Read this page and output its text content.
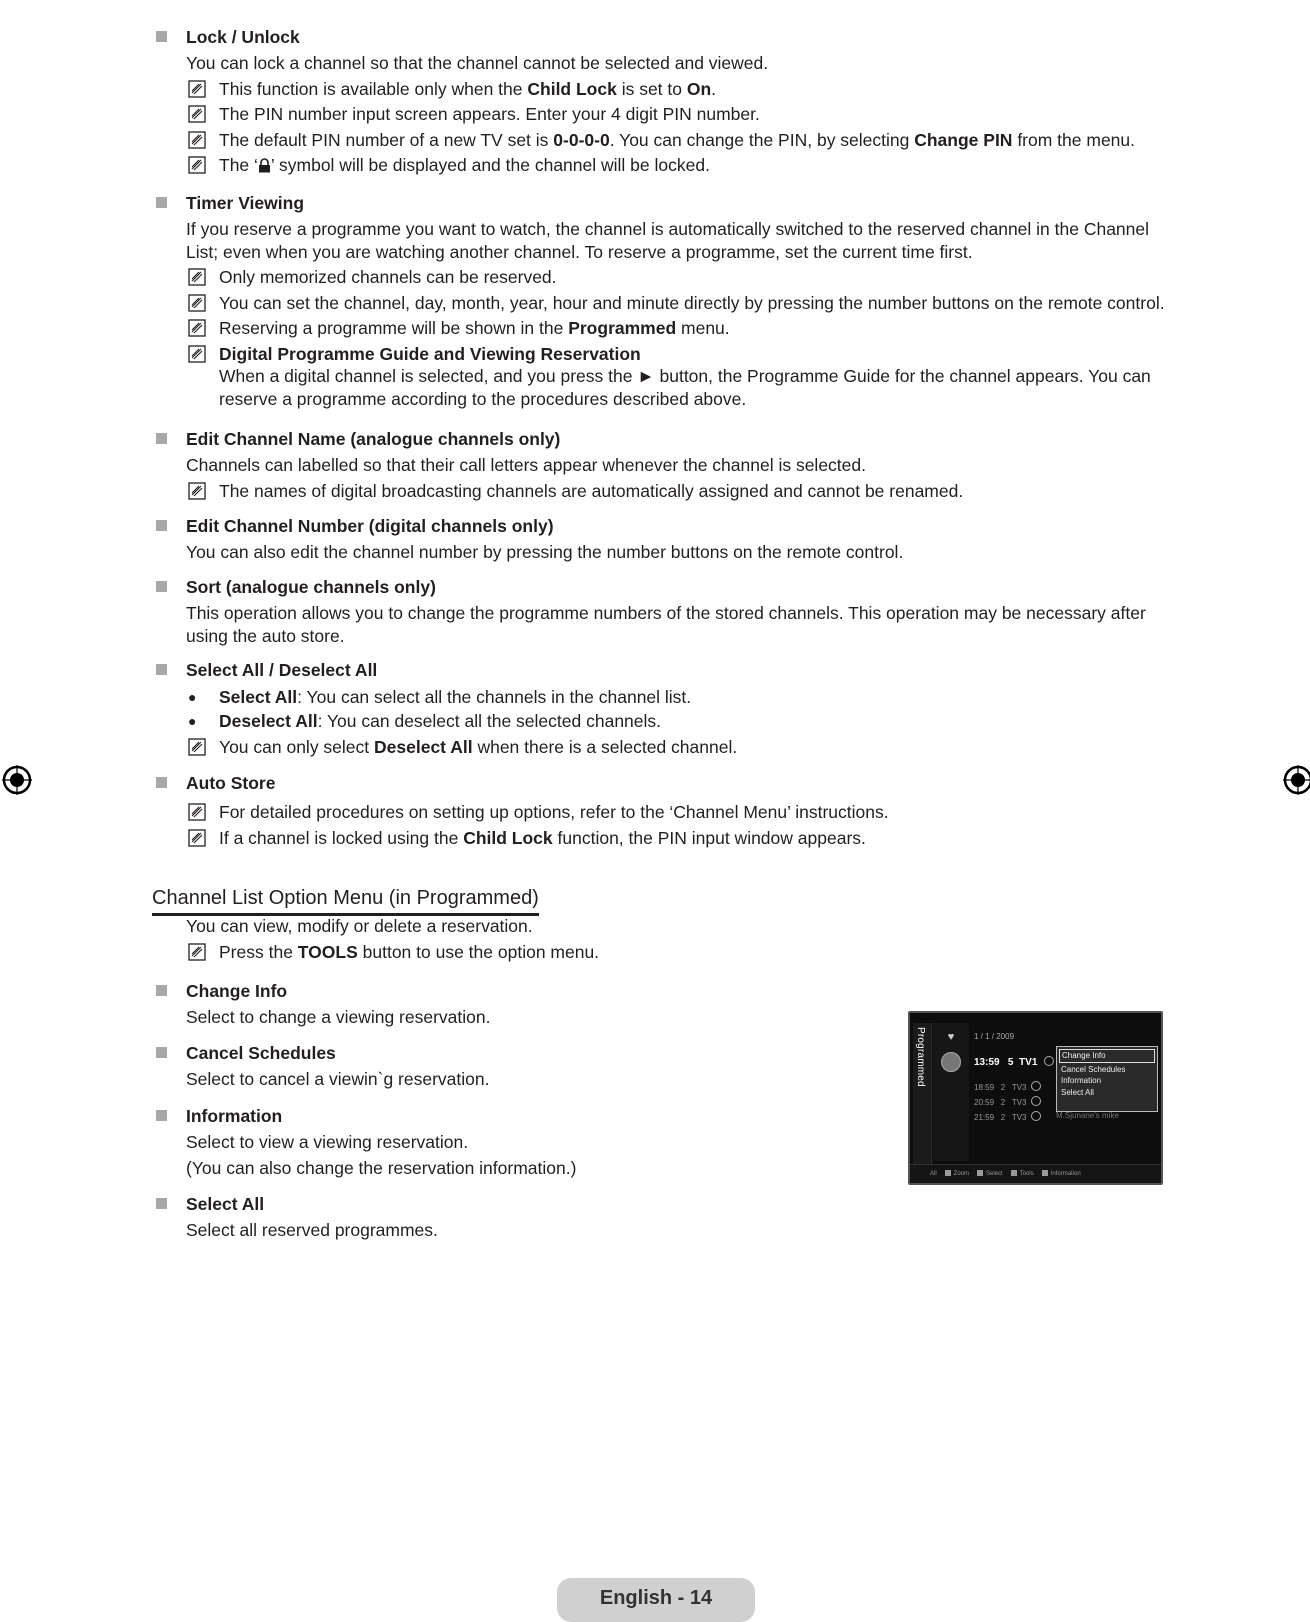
Lock / Unlock

You can lock a channel so that the channel cannot be selected and viewed.

This function is available only when the Child Lock is set to On.
The PIN number input screen appears. Enter your 4 digit PIN number.
The default PIN number of a new TV set is 0-0-0-0. You can change the PIN, by selecting Change PIN from the menu.
The ‘ ’ symbol will be displayed and the channel will be locked.
Timer Viewing

If you reserve a programme you want to watch, the channel is automatically switched to the reserved channel in the Channel List; even when you are watching another channel. To reserve a programme, set the current time first.

Only memorized channels can be reserved.
You can set the channel, day, month, year, hour and minute directly by pressing the number buttons on the remote control.
Reserving a programme will be shown in the Programmed menu.
Digital Programme Guide and Viewing Reservation
When a digital channel is selected, and you press the ► button, the Programme Guide for the channel appears. You can reserve a programme according to the procedures described above.
Edit Channel Name (analogue channels only)

Channels can labelled so that their call letters appear whenever the channel is selected.

The names of digital broadcasting channels are automatically assigned and cannot be renamed.
Edit Channel Number (digital channels only)

You can also edit the channel number by pressing the number buttons on the remote control.

Sort (analogue channels only)

This operation allows you to change the programme numbers of the stored channels. This operation may be necessary after using the auto store.

Select All / Deselect All
● Select All: You can select all the channels in the channel list.
● Deselect All: You can deselect all the selected channels.
You can only select Deselect All when there is a selected channel.
Auto Store
For detailed procedures on setting up options, refer to the ‘Channel Menu’ instructions.
If a channel is locked using the Child Lock function, the PIN input window appears.
Channel List Option Menu (in Programmed)

You can view, modify or delete a reservation.

Press the TOOLS button to use the option menu.
Change Info

Select to change a viewing reservation.

Cancel Schedules

Select to cancel a viewin`g reservation.

Information

Select to view a viewing reservation.

(You can also change the reservation information.)

Select All

Select all reserved programmes.

Programmed	♥	1 / 1 / 2009
13:59 5 TV1
18:59 2 TV3
20:59 2 TV3
21:59 2 TV3
Change Info
Cancel Schedules
Information
Select All
M.Sjunane's mike
All	Zoom	Select	Tools	Information
English - 14
